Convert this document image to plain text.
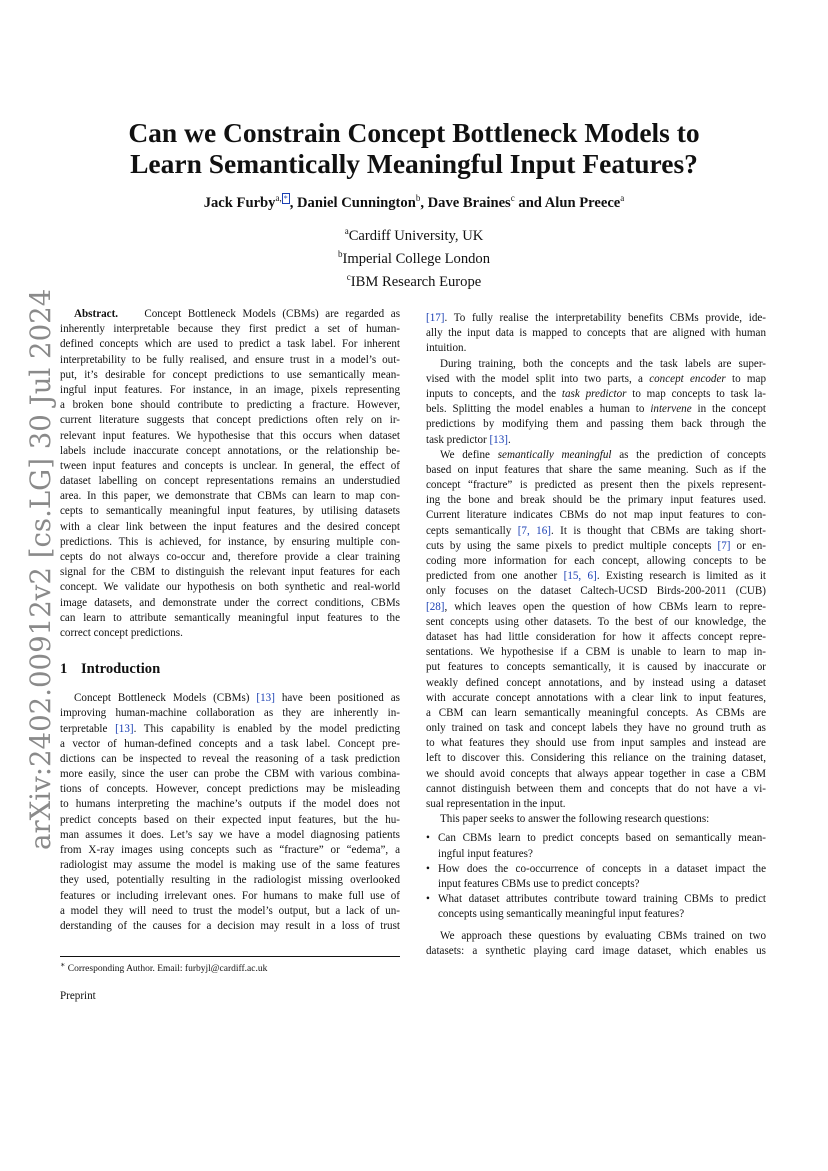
Can we Constrain Concept Bottleneck Models to
Learn Semantically Meaningful Input Features?
Jack Furby$^{a, *}$ , Daniel Cunnington$^b$, Dave Braines$^c$ and Alun Preece$^a$
$^a$Cardiff University, UK
$^b$Imperial College London
$^c$IBM Research Europe
arXiv:2402.00912v2 [cs.LG] 30 Jul 2024	Abstract. Concept Bottleneck Models (CBMs) are regarded as
inherently interpretable because they first predict a set of human-
defined concepts which are used to predict a task label. For inherent
interpretability to be fully realised, and ensure trust in a model’s out-
put, it’s desirable for concept predictions to use semantically mean-
ingful input features. For instance, in an image, pixels representing
a broken bone should contribute to predicting a fracture. However,
current literature suggests that concept predictions often rely on ir-
relevant input features. We hypothesise that this occurs when dataset
labels include inaccurate concept annotations, or the relationship be-
tween input features and concepts is unclear. In general, the effect of
dataset labelling on concept representations remains an understudied
area. In this paper, we demonstrate that CBMs can learn to map con-
cepts to semantically meaningful input features, by utilising datasets
with a clear link between the input features and the desired concept
predictions. This is achieved, for instance, by ensuring multiple con-
cepts do not always co-occur and, therefore provide a clear training
signal for the CBM to distinguish the relevant input features for each
concept. We validate our hypothesis on both synthetic and real-world
image datasets, and demonstrate under the correct conditions, CBMs
can learn to attribute semantically meaningful input features to the
correct concept predictions.
1 Introduction
Concept Bottleneck Models (CBMs) [13] have been positioned as
improving human-machine collaboration as they are inherently in-
terpretable [13]. This capability is enabled by the model predicting
a vector of human-defined concepts and a task label. Concept pre-
dictions can be inspected to reveal the reasoning of a task prediction
more easily, since the user can probe the CBM with various combina-
tions of concepts. However, concept predictions may be misleading
to humans interpreting the machine’s outputs if the model does not
predict concepts based on their expected input features, but the hu-
man assumes it does. Let’s say we have a model diagnosing patients
from X-ray images using concepts such as “fracture” or “edema”, a
radiologist may assume the model is making use of the same features
they used, potentially resulting in the radiologist missing overlooked
features or including irrelevant ones. For humans to make full use of
a model they will need to trust the model’s output, but a lack of un-
derstanding of the causes for a decision may result in a loss of trust
∗ Corresponding Author. Email: furbyjl@cardiff.ac.uk
Preprint
[17]. To fully realise the interpretability benefits CBMs provide, ide-
ally the input data is mapped to concepts that are aligned with human
intuition.
During training, both the concepts and the task labels are super-
vised with the model split into two parts, a concept encoder to map
inputs to concepts, and the task predictor to map concepts to task la-
bels. Splitting the model enables a human to intervene in the concept
predictions by modifying them and passing them back through the
task predictor [13].
We define semantically meaningful as the prediction of concepts
based on input features that share the same meaning. Such as if the
concept “fracture” is predicted as present then the pixels represent-
ing the bone and break should be the primary input features used.
Current literature indicates CBMs do not map input features to con-
cepts semantically [7, 16]. It is thought that CBMs are taking short-
cuts by using the same pixels to predict multiple concepts [7] or en-
coding more information for each concept, allowing concepts to be
predicted from one another [15, 6]. Existing research is limited as it
only focuses on the dataset Caltech-UCSD Birds-200-2011 (CUB)
[28], which leaves open the question of how CBMs learn to repre-
sent concepts using other datasets. To the best of our knowledge, the
dataset has had little consideration for how it affects concept repre-
sentations. We hypothesise if a CBM is unable to learn to map in-
put features to concepts semantically, it is caused by inaccurate or
weakly defined concept annotations, and by instead using a dataset
with accurate concept annotations with a clear link to input features,
a CBM can learn semantically meaningful concepts. As CBMs are
only trained on task and concept labels they have no ground truth as
to what features they should use from input samples and instead are
left to discover this. Considering this reliance on the training dataset,
we should avoid concepts that always appear together in case a CBM
cannot distinguish between them and concepts that do not have a vi-
sual representation in the input.
This paper seeks to answer the following research questions:
• Can CBMs learn to predict concepts based on semantically mean-
ingful input features?
• How does the co-occurrence of concepts in a dataset impact the
input features CBMs use to predict concepts?
• What dataset attributes contribute toward training CBMs to predict
concepts using semantically meaningful input features?
We approach these questions by evaluating CBMs trained on two
datasets: a synthetic playing card image dataset, which enables us
